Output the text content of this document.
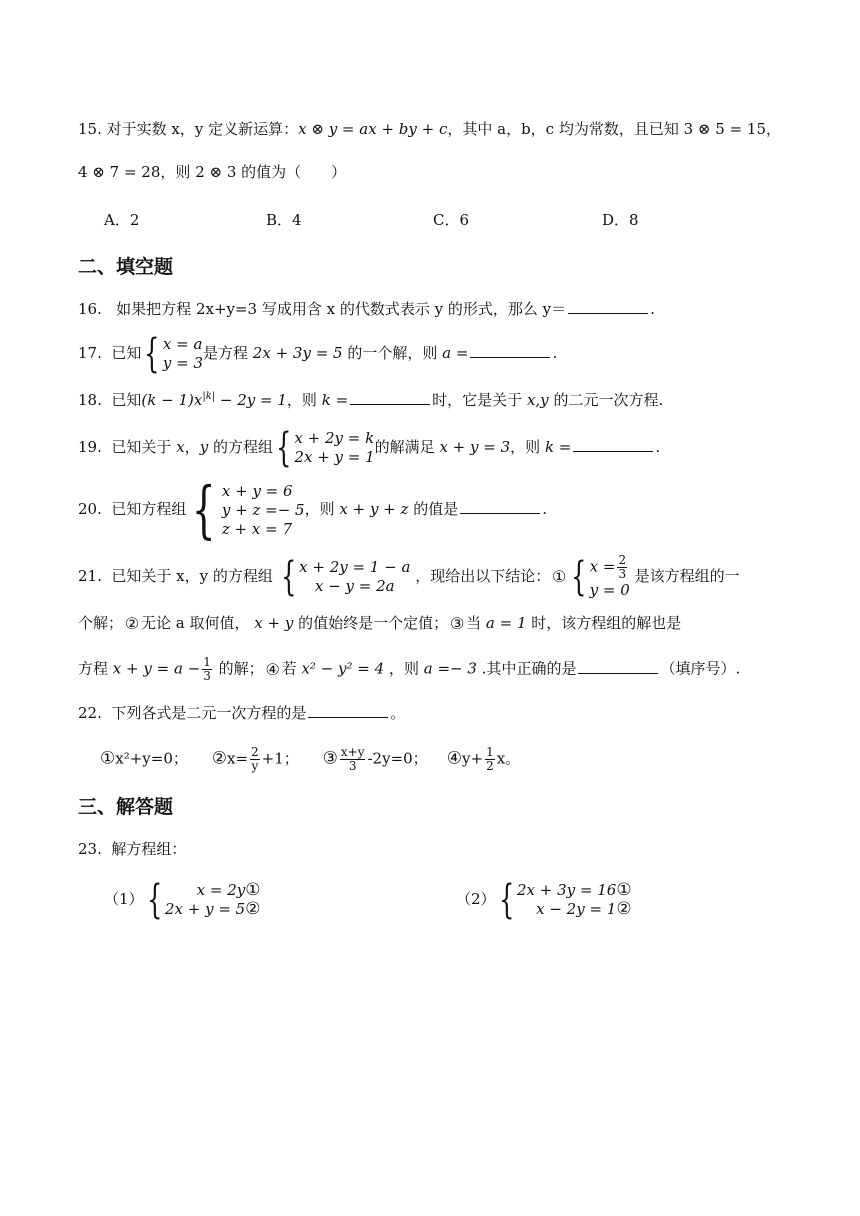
15. 对于实数 x，y 定义新运算：x ⊗ y = ax + by + c，其中 a，b，c 均为常数，且已知 3 ⊗ 5 = 15，
4 ⊗ 7 = 28，则 2 ⊗ 3 的值为（　　）
A．2	B．4	C．6	D．8
二、填空题
16. 如果把方程 2x+y=3 写成用含 x 的代数式表示 y 的形式，那么 y＝	.
17. 已知 { x = a
y = 3
是方程 2x + 3y = 5 的一个解，则 a =	.
18. 已知$(k - 1)x^{|k|} - 2y = 1$，则 k =	时，它是关于 x,y 的二元一次方程.
19. 已知关于 x，y 的方程组 { x + 2y = k
2x + y = 1
的解满足 x + y = 3，则 k =	.
20. 已知方程组 { x + y = 6
y + z =− 5
z + x = 7
，则 x + y + z 的值是	.
21. 已知关于 x，y 的方程组 { x + 2y = 1 − a
x − y = 2a
，现给出以下结论： ① { $x = \frac{2}{3}$
y = 0
是该方程组的一
个解； ② 无论 a 取何值， x + y 的值始终是一个定值； ③ 当 a = 1 时，该方程组的解也是
方程 $x + y = a - \frac{1}{3}$ 的解； ④ 若 x² − y² = 4 ，则 a =− 3 .其中正确的是	（填序号）.
22. 下列各式是二元一次方程的是	。
①x²+y=0； ②x= $\frac{2}{y} +1$； ③ $\frac{x+y}{3} -2y=0$； ④y+ $\frac{1}{2}$ x。
三、解答题
23. 解方程组：
（1） { x = 2y①
2x + y = 5②	（2） { 2x + 3y = 16①
x − 2y = 1②
